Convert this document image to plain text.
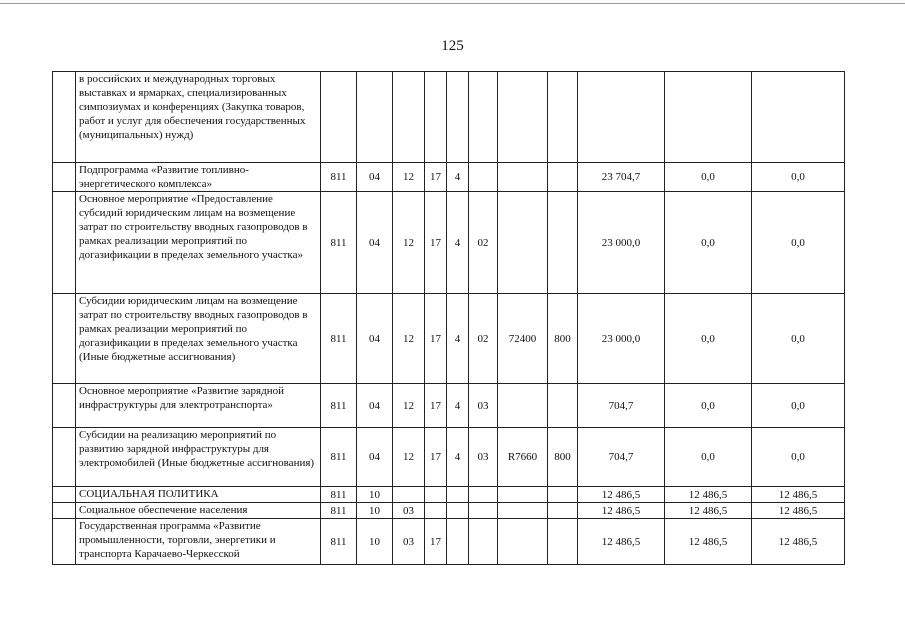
125
	в российских и международных торговых выставках и ярмарках, специализированных симпозиумах и конференциях (Закупка товаров, работ и услуг для обеспечения государственных (муниципальных) нужд)											
	Подпрограмма «Развитие топливно-энергетического комплекса»	811	04	12	17	4				23 704,7	0,0	0,0
	Основное мероприятие «Предоставление субсидий юридическим лицам на возмещение затрат по строительству вводных газопроводов в рамках реализации мероприятий по догазификации в пределах земельного участка»	811	04	12	17	4	02			23 000,0	0,0	0,0
	Субсидии юридическим лицам на возмещение затрат по строительству вводных газопроводов в рамках реализации мероприятий по догазификации в пределах земельного участка (Иные бюджетные ассигнования)	811	04	12	17	4	02	72400	800	23 000,0	0,0	0,0
	Основное мероприятие «Развитие зарядной инфраструктуры для электротранспорта»	811	04	12	17	4	03			704,7	0,0	0,0
	Субсидии на реализацию мероприятий по развитию зарядной инфраструктуры для электромобилей (Иные бюджетные ассигнования)	811	04	12	17	4	03	R7660	800	704,7	0,0	0,0
	СОЦИАЛЬНАЯ ПОЛИТИКА	811	10							12 486,5	12 486,5	12 486,5
	Социальное обеспечение населения	811	10	03						12 486,5	12 486,5	12 486,5
	Государственная программа «Развитие промышленности, торговли, энергетики и транспорта Карачаево-Черкесской	811	10	03	17					12 486,5	12 486,5	12 486,5
